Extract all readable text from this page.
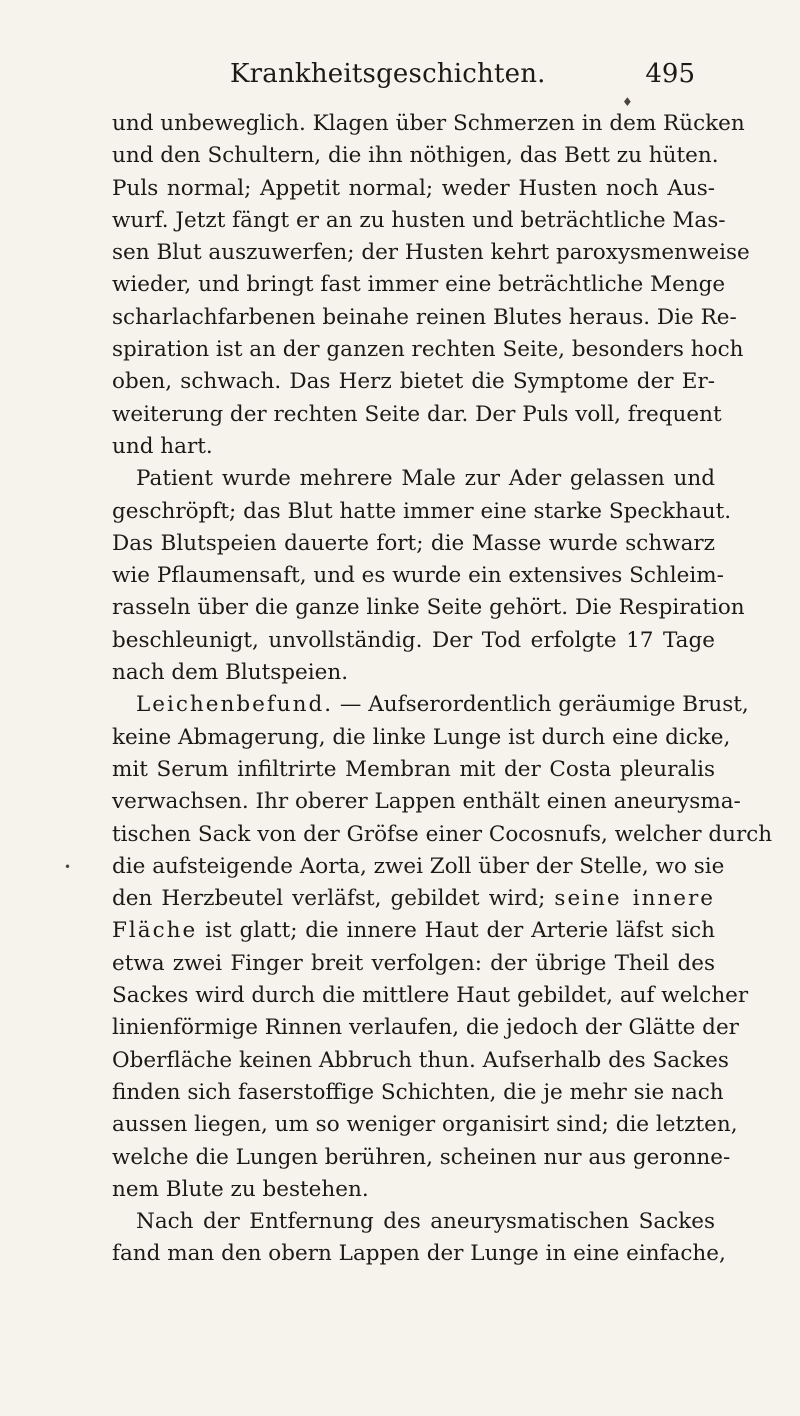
Krankheitsgeschichten.	495
♦
•
und unbeweglich. Klagen über Schmerzen in dem Rücken
und den Schultern, die ihn nöthigen, das Bett zu hüten.
Puls normal; Appetit normal; weder Husten noch Aus-
wurf. Jetzt fängt er an zu husten und beträchtliche Mas-
sen Blut auszuwerfen; der Husten kehrt paroxysmenweise
wieder, und bringt fast immer eine beträchtliche Menge
scharlachfarbenen beinahe reinen Blutes heraus. Die Re-
spiration ist an der ganzen rechten Seite, besonders hoch
oben, schwach. Das Herz bietet die Symptome der Er-
weiterung der rechten Seite dar. Der Puls voll, frequent
und hart.
Patient wurde mehrere Male zur Ader gelassen und
geschröpft; das Blut hatte immer eine starke Speckhaut.
Das Blutspeien dauerte fort; die Masse wurde schwarz
wie Pflaumensaft, und es wurde ein extensives Schleim-
rasseln über die ganze linke Seite gehört. Die Respiration
beschleunigt, unvollständig. Der Tod erfolgte 17 Tage
nach dem Blutspeien.
Leichenbefund. — Aufserordentlich geräumige Brust,
keine Abmagerung, die linke Lunge ist durch eine dicke,
mit Serum infiltrirte Membran mit der Costa pleuralis
verwachsen. Ihr oberer Lappen enthält einen aneurysma-
tischen Sack von der Gröfse einer Cocosnufs, welcher durch
die aufsteigende Aorta, zwei Zoll über der Stelle, wo sie
den Herzbeutel verläfst, gebildet wird; seine innere
Fläche ist glatt; die innere Haut der Arterie läfst sich
etwa zwei Finger breit verfolgen: der übrige Theil des
Sackes wird durch die mittlere Haut gebildet, auf welcher
linienförmige Rinnen verlaufen, die jedoch der Glätte der
Oberfläche keinen Abbruch thun. Aufserhalb des Sackes
finden sich faserstoffige Schichten, die je mehr sie nach
aussen liegen, um so weniger organisirt sind; die letzten,
welche die Lungen berühren, scheinen nur aus geronne-
nem Blute zu bestehen.
Nach der Entfernung des aneurysmatischen Sackes
fand man den obern Lappen der Lunge in eine einfache,
